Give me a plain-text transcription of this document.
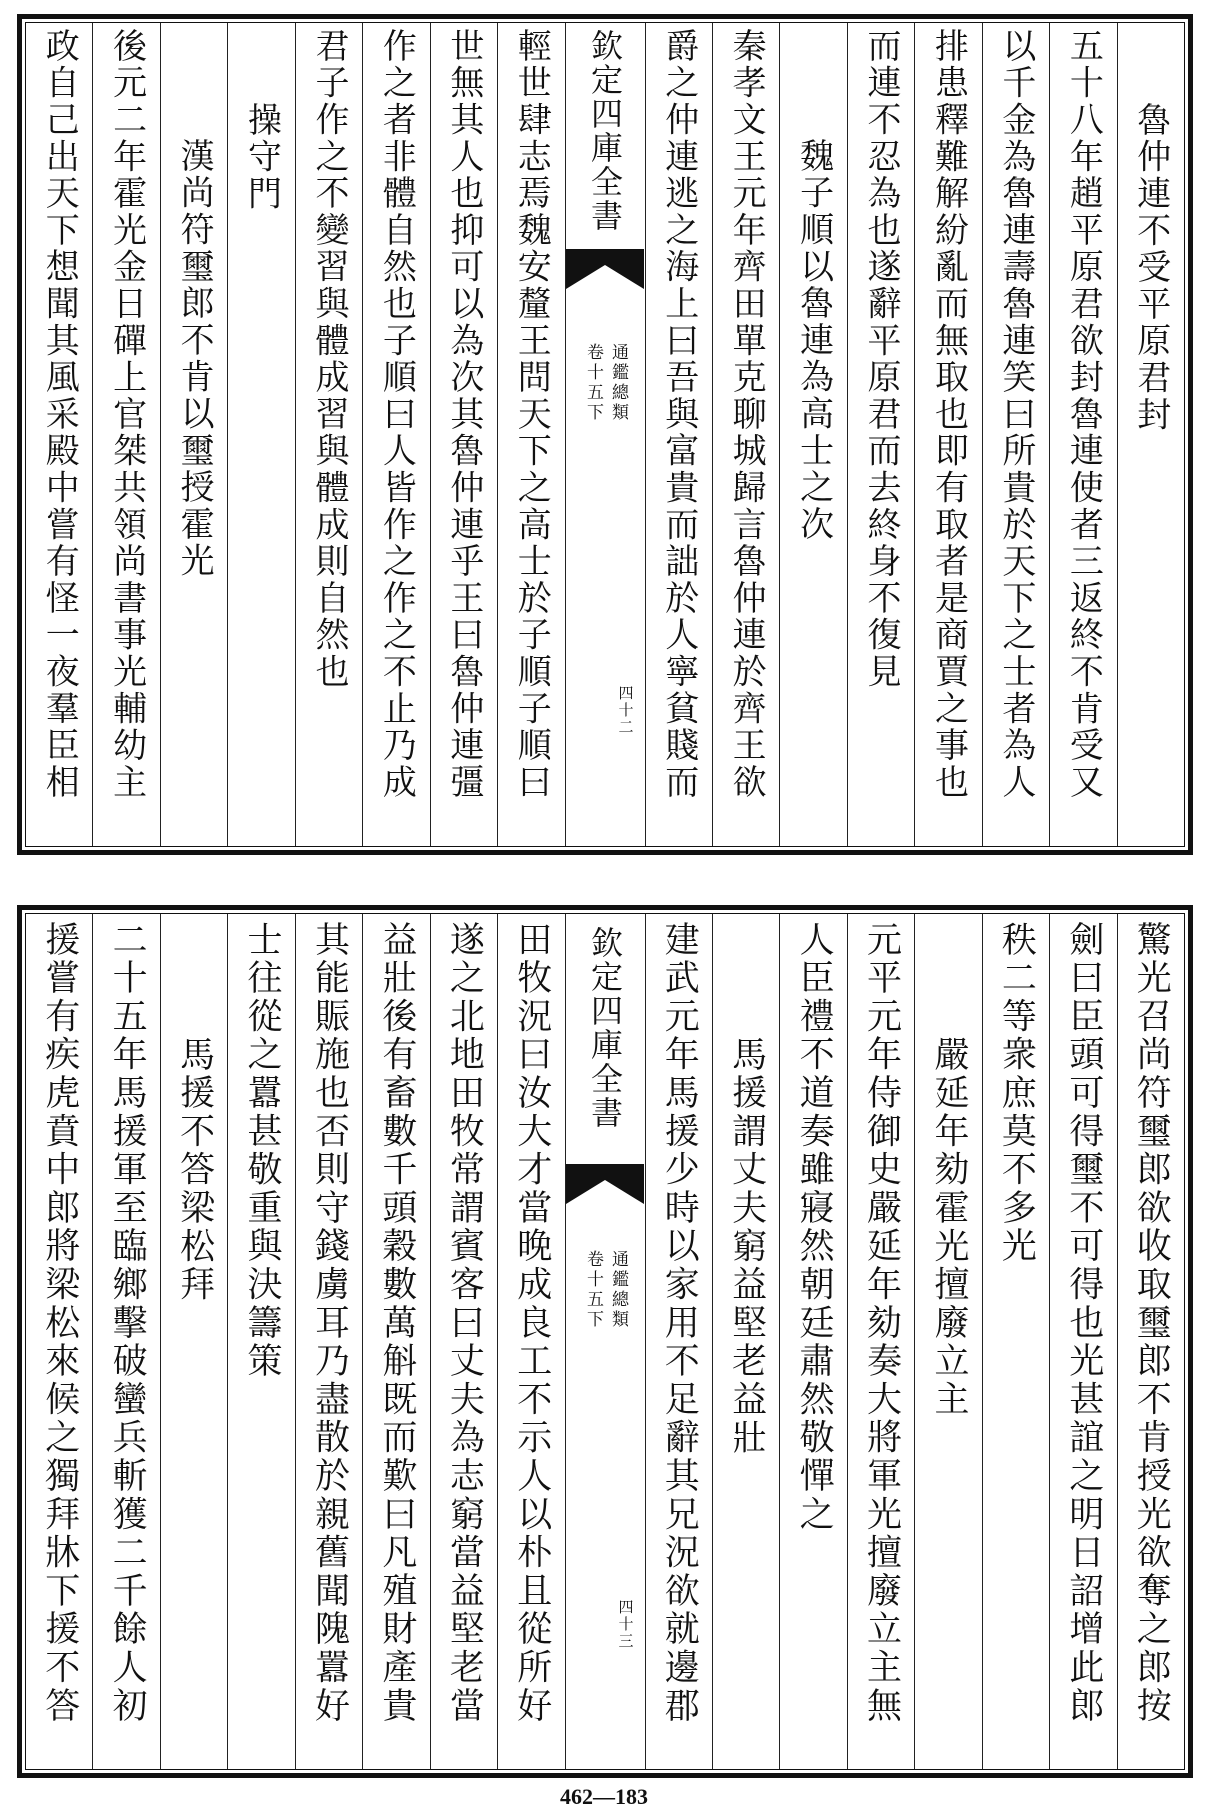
魯仲連不受平原君封
五十八年趙平原君欲封魯連使者三返終不肯受又
以千金為魯連壽魯連笑曰所貴於天下之士者為人
排患釋難解紛亂而無取也即有取者是商賈之事也
而連不忍為也遂辭平原君而去終身不復見
魏子順以魯連為高士之次
秦孝文王元年齊田單克聊城歸言魯仲連於齊王欲
爵之仲連逃之海上曰吾與富貴而詘於人寧貧賤而
欽定四庫全書
通鑑總類
卷十五下
四十二
輕世肆志焉魏安釐王問天下之高士於子順子順曰
世無其人也抑可以為次其魯仲連乎王曰魯仲連彊
作之者非體自然也子順曰人皆作之作之不止乃成
君子作之不變習與體成習與體成則自然也
操守門
漢尚符璽郎不肯以璽授霍光
後元二年霍光金日磾上官桀共領尚書事光輔幼主
政自己出天下想聞其風采殿中嘗有怪一夜羣臣相
驚光召尚符璽郎欲收取璽郎不肯授光欲奪之郎按
劍曰臣頭可得璽不可得也光甚誼之明日詔增此郎
秩二等衆庶莫不多光
嚴延年劾霍光擅廢立主
元平元年侍御史嚴延年劾奏大將軍光擅廢立主無
人臣禮不道奏雖寢然朝廷肅然敬憚之
馬援謂丈夫窮益堅老益壯
建武元年馬援少時以家用不足辭其兄況欲就邊郡
欽定四庫全書
通鑑總類
卷十五下
四十三
田牧況曰汝大才當晚成良工不示人以朴且從所好
遂之北地田牧常謂賓客曰丈夫為志窮當益堅老當
益壯後有畜數千頭穀數萬斛既而歎曰凡殖財產貴
其能賑施也否則守錢虜耳乃盡散於親舊聞隗囂好
士往從之囂甚敬重與決籌策
馬援不答梁松拜
二十五年馬援軍至臨鄉擊破蠻兵斬獲二千餘人初
援嘗有疾虎賁中郎將梁松來候之獨拜牀下援不答
462—183
